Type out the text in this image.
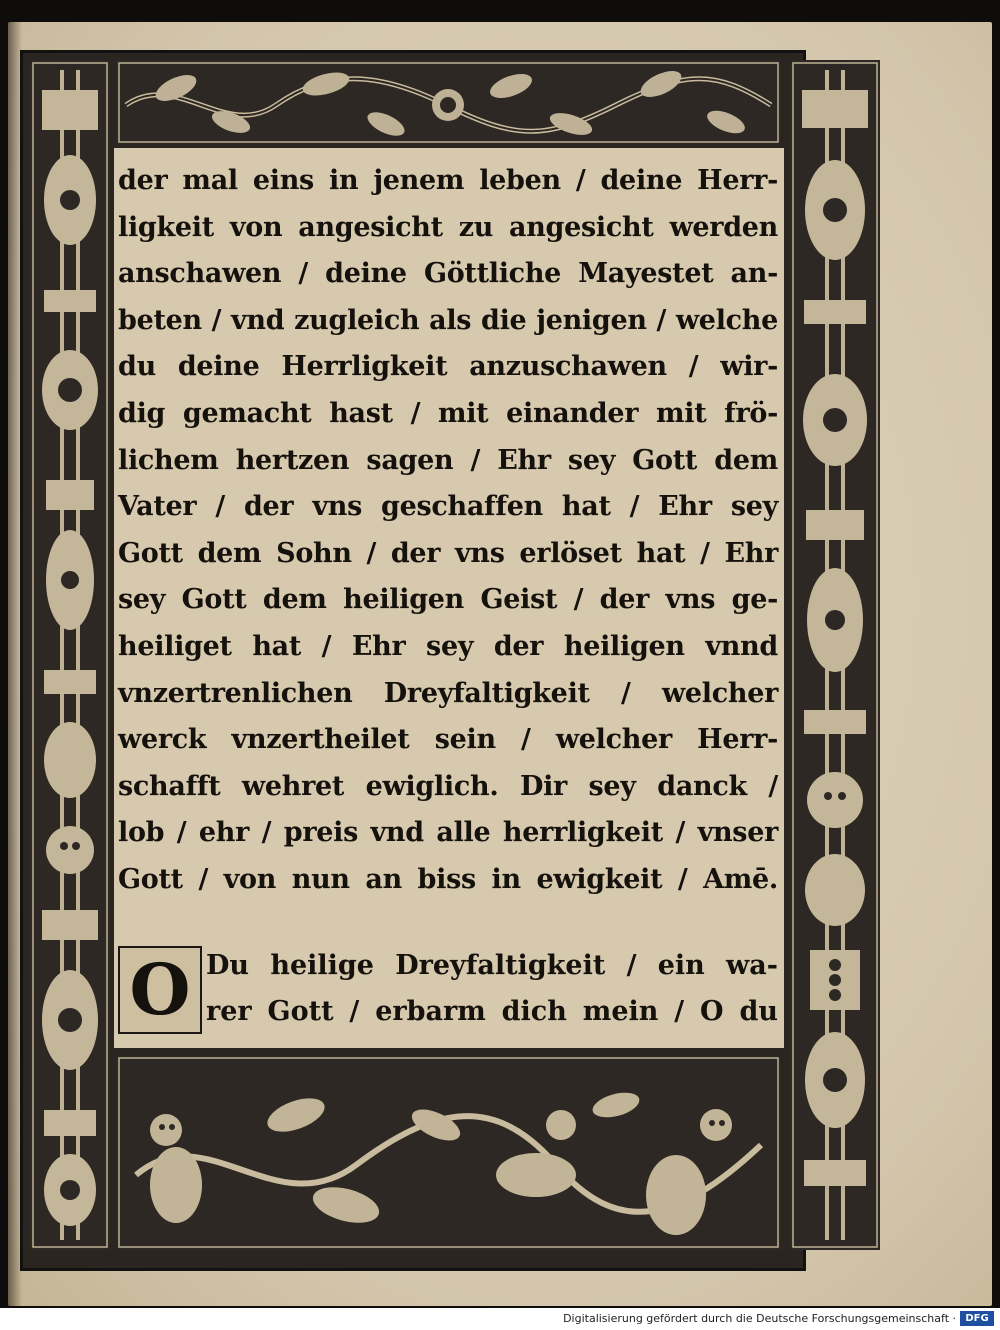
der mal eins in jenem leben / deine Herr-
ligkeit von angesicht zu angesicht werden
anschawen / deine Göttliche Mayestet an-
beten / vnd zugleich als die jenigen / welche
du deine Herrligkeit anzuschawen / wir-
dig gemacht hast / mit einander mit frö-
lichem hertzen sagen / Ehr sey Gott dem
Vater / der vns geschaffen hat / Ehr sey
Gott dem Sohn / der vns erlöset hat / Ehr
sey Gott dem heiligen Geist / der vns ge-
heiliget hat / Ehr sey der heiligen vnnd
vnzertrenlichen Dreyfaltigkeit / welcher
werck vnzertheilet sein / welcher Herr-
schafft wehret ewiglich. Dir sey danck /
lob / ehr / preis vnd alle herrligkeit / vnser
Gott / von nun an biss in ewigkeit / Amē.
O Du heilige Dreyfaltigkeit / ein wa-
rer Gott / erbarm dich mein / O du
Digitalisierung gefördert durch die Deutsche Forschungsgemeinschaft · DFG
